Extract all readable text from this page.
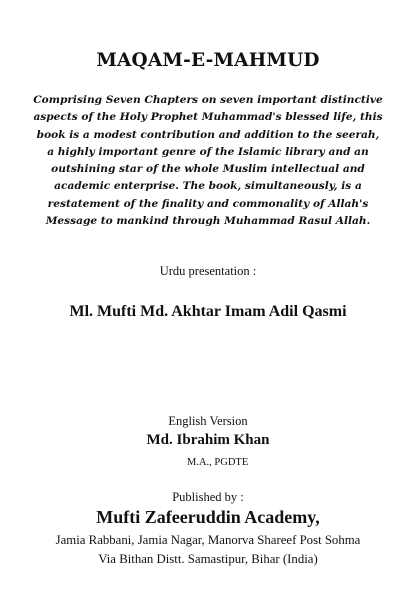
MAQAM-E-MAHMUD
Comprising Seven Chapters on seven important distinctive
aspects of the Holy Prophet Muhammad's blessed life, this
book is a modest contribution and addition to the seerah,
a highly important genre of the Islamic library and an
outshining star of the whole Muslim intellectual and
academic enterprise. The book, simultaneously, is a
restatement of the finality and commonality of Allah's
Message to mankind through Muhammad Rasul Allah.
Urdu presentation :
Ml. Mufti Md. Akhtar Imam Adil Qasmi
English Version
Md. Ibrahim Khan
M.A., PGDTE
Published by :
Mufti Zafeeruddin Academy,
Jamia Rabbani, Jamia Nagar, Manorva Shareef Post Sohma
Via Bithan Distt. Samastipur, Bihar (India)
